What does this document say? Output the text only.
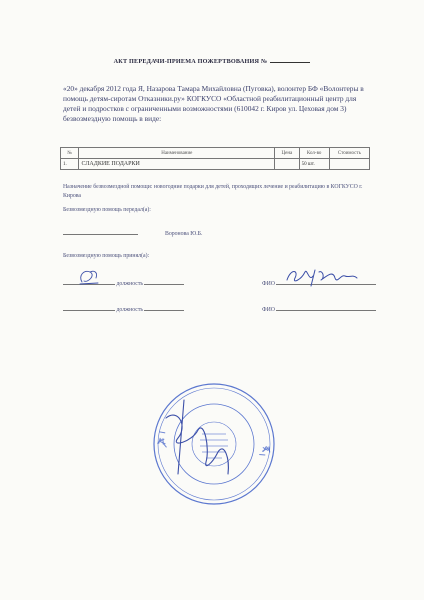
АКТ ПЕРЕДАЧИ-ПРИЕМА ПОЖЕРТВОВАНИЯ №
«20» декабря 2012 года Я, Назарова Тамара Михайловна (Пуговка), волонтер БФ «Волонтеры в помощь детям-сиротам Отказники.ру» КОГКУСО «Областной реабилитационный центр для детей и подростков с ограниченными возможностями (610042 г. Киров ул. Цеховая дом 3) безвозмездную помощь в виде:
№	Наименование	Цена	Кол-во	Стоимость
1.	СЛАДКИЕ ПОДАРКИ		50 шт.	
Назначение безвозмездной помощи: новогодние подарки для детей, проходящих лечение и реабилитацию в КОГКУСО г. Кирова
Безвозмездную помощь передал(а):
Воронова Ю.Б.
Безвозмездную помощь принял(а):
должность	ФИО
должность	ФИО
